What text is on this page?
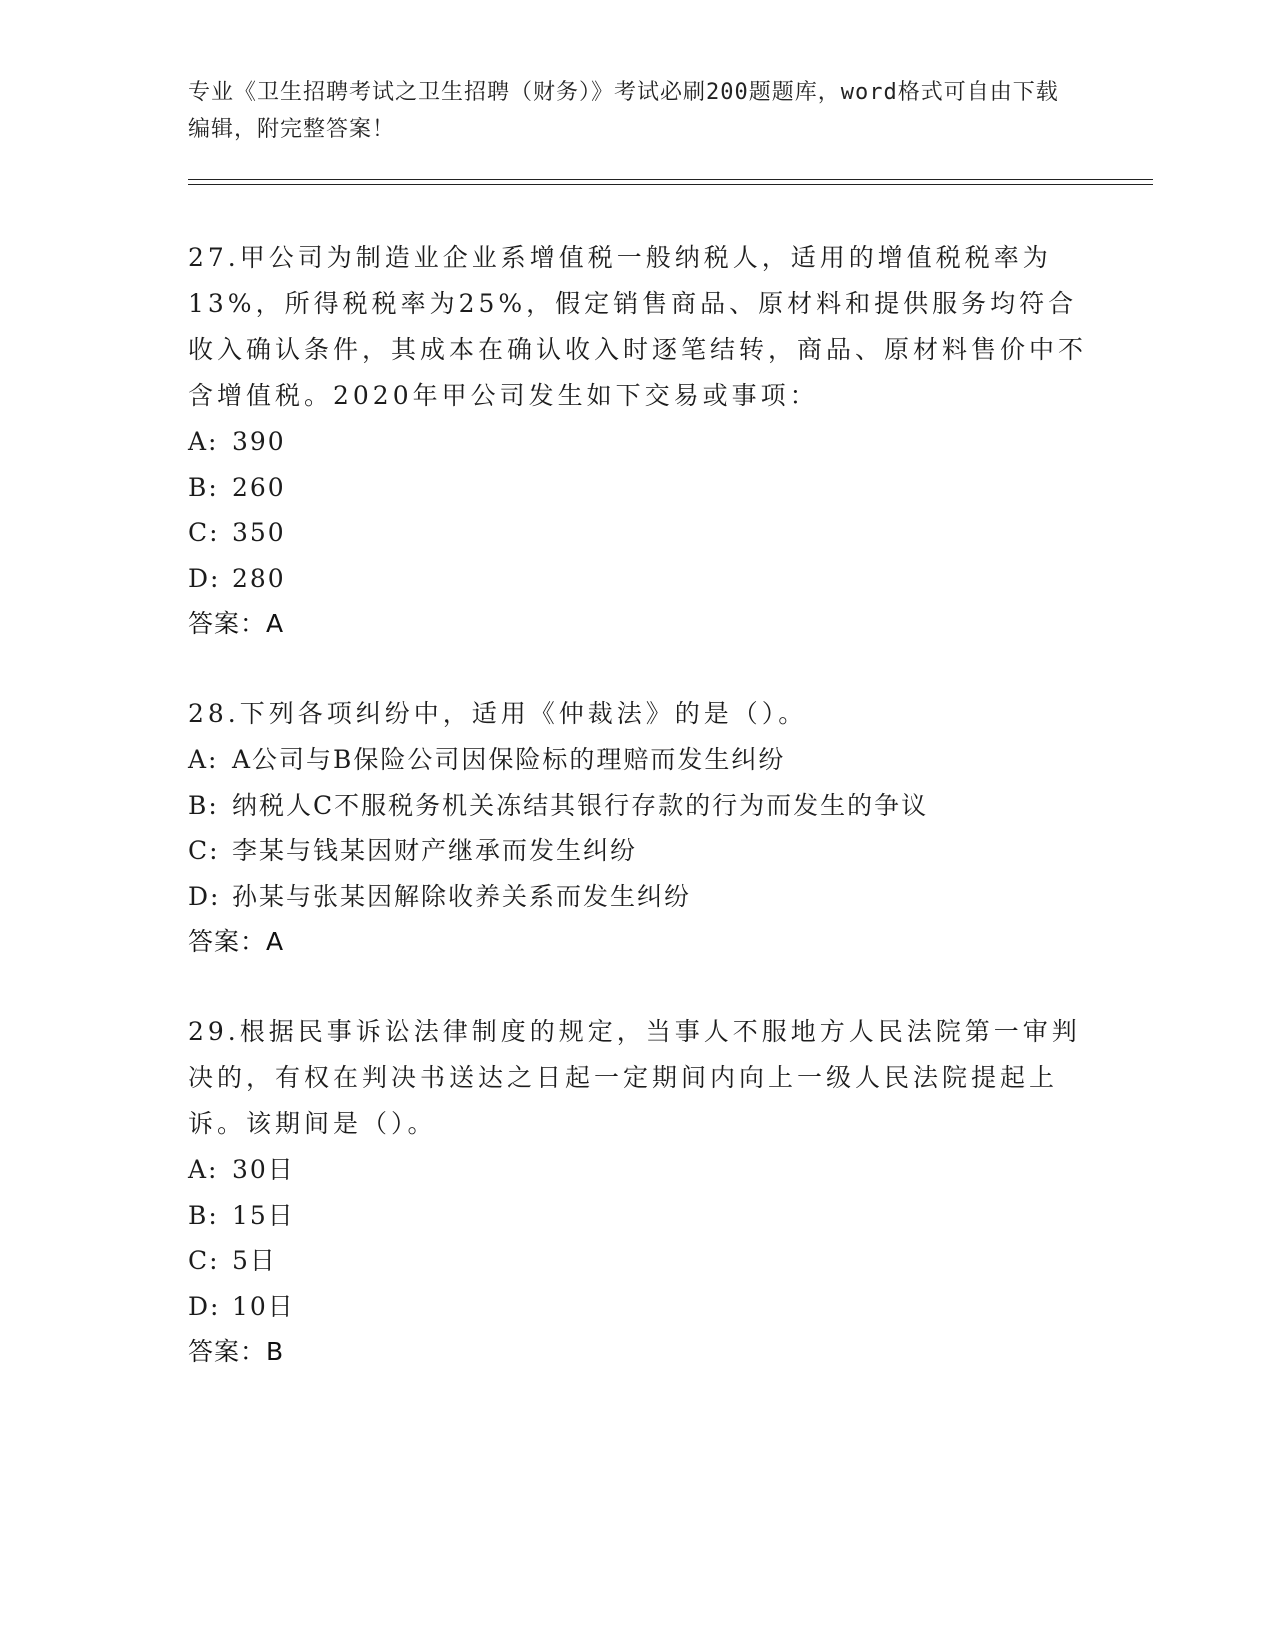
专业《卫生招聘考试之卫生招聘（财务）》考试必刷200题题库，word格式可自由下载编辑，附完整答案！
27.甲公司为制造业企业系增值税一般纳税人，适用的增值税税率为13%，所得税税率为25%，假定销售商品、原材料和提供服务均符合收入确认条件，其成本在确认收入时逐笔结转，商品、原材料售价中不含增值税。2020年甲公司发生如下交易或事项：
A: 390
B: 260
C: 350
D: 280
答案：A
28.下列各项纠纷中，适用《仲裁法》的是（）。
A: A公司与B保险公司因保险标的理赔而发生纠纷
B: 纳税人C不服税务机关冻结其银行存款的行为而发生的争议
C: 李某与钱某因财产继承而发生纠纷
D: 孙某与张某因解除收养关系而发生纠纷
答案：A
29.根据民事诉讼法律制度的规定，当事人不服地方人民法院第一审判决的，有权在判决书送达之日起一定期间内向上一级人民法院提起上诉。该期间是（）。
A: 30日
B: 15日
C: 5日
D: 10日
答案：B
